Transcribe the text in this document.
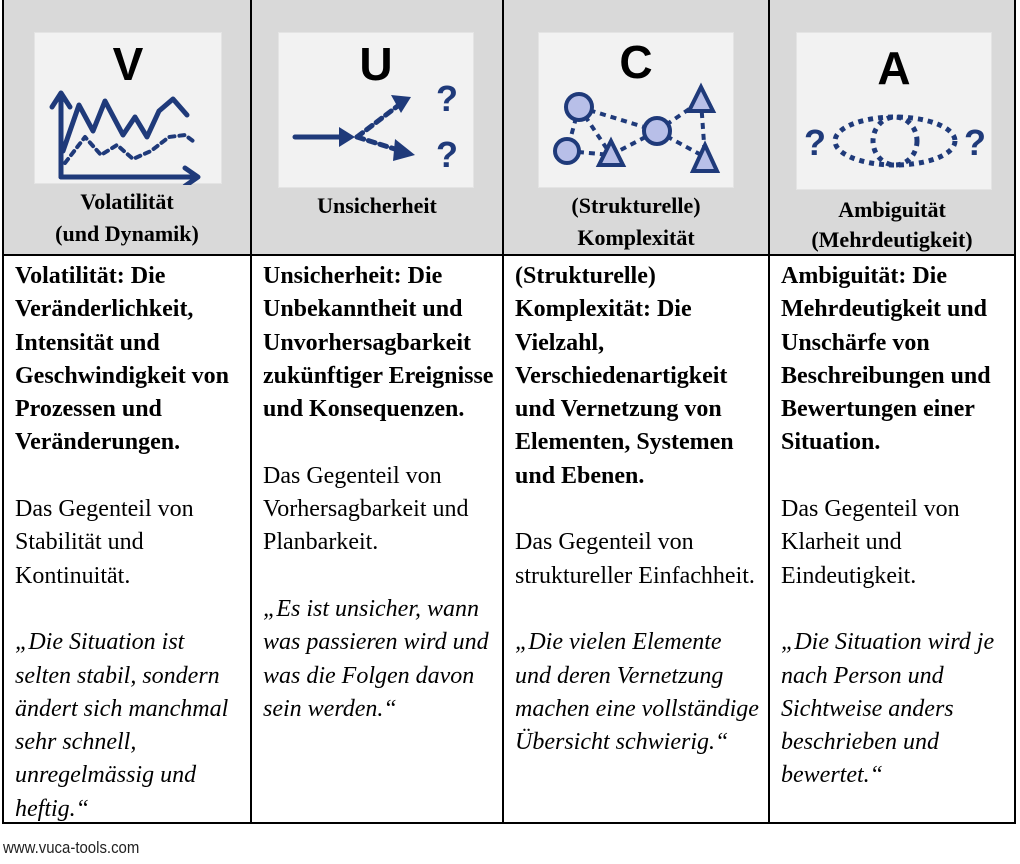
V
Volatilität
(und Dynamik)

Volatilität: Die Veränderlichkeit, Intensität und Geschwindigkeit von Prozessen und Veränderungen.

Das Gegenteil von Stabilität und Kontinuität.

„Die Situation ist selten stabil, sondern ändert sich manchmal sehr schnell, unregelmässig und heftig.“

U
?
?
Unsicherheit

Unsicherheit: Die Unbekanntheit und Unvorhersagbarkeit zukünftiger Ereignisse und Konsequenzen.

Das Gegenteil von Vorhersagbarkeit und Planbarkeit.

„Es ist unsicher, wann was passieren wird und was die Folgen davon sein werden.“

C
(Strukturelle)
Komplexität

(Strukturelle) Komplexität: Die Vielzahl, Verschiedenartigkeit und Vernetzung von Elementen, Systemen und Ebenen.

Das Gegenteil von struktureller Einfachheit.

„Die vielen Elemente und deren Vernetzung machen eine vollständige Übersicht schwierig.“

A
?	?
Ambiguität
(Mehrdeutigkeit)

Ambiguität: Die Mehrdeutigkeit und Unschärfe von Beschreibungen und Bewertungen einer Situation.

Das Gegenteil von Klarheit und Eindeutigkeit.

„Die Situation wird je nach Person und Sichtweise anders beschrieben und bewertet.“

www.vuca-tools.com
